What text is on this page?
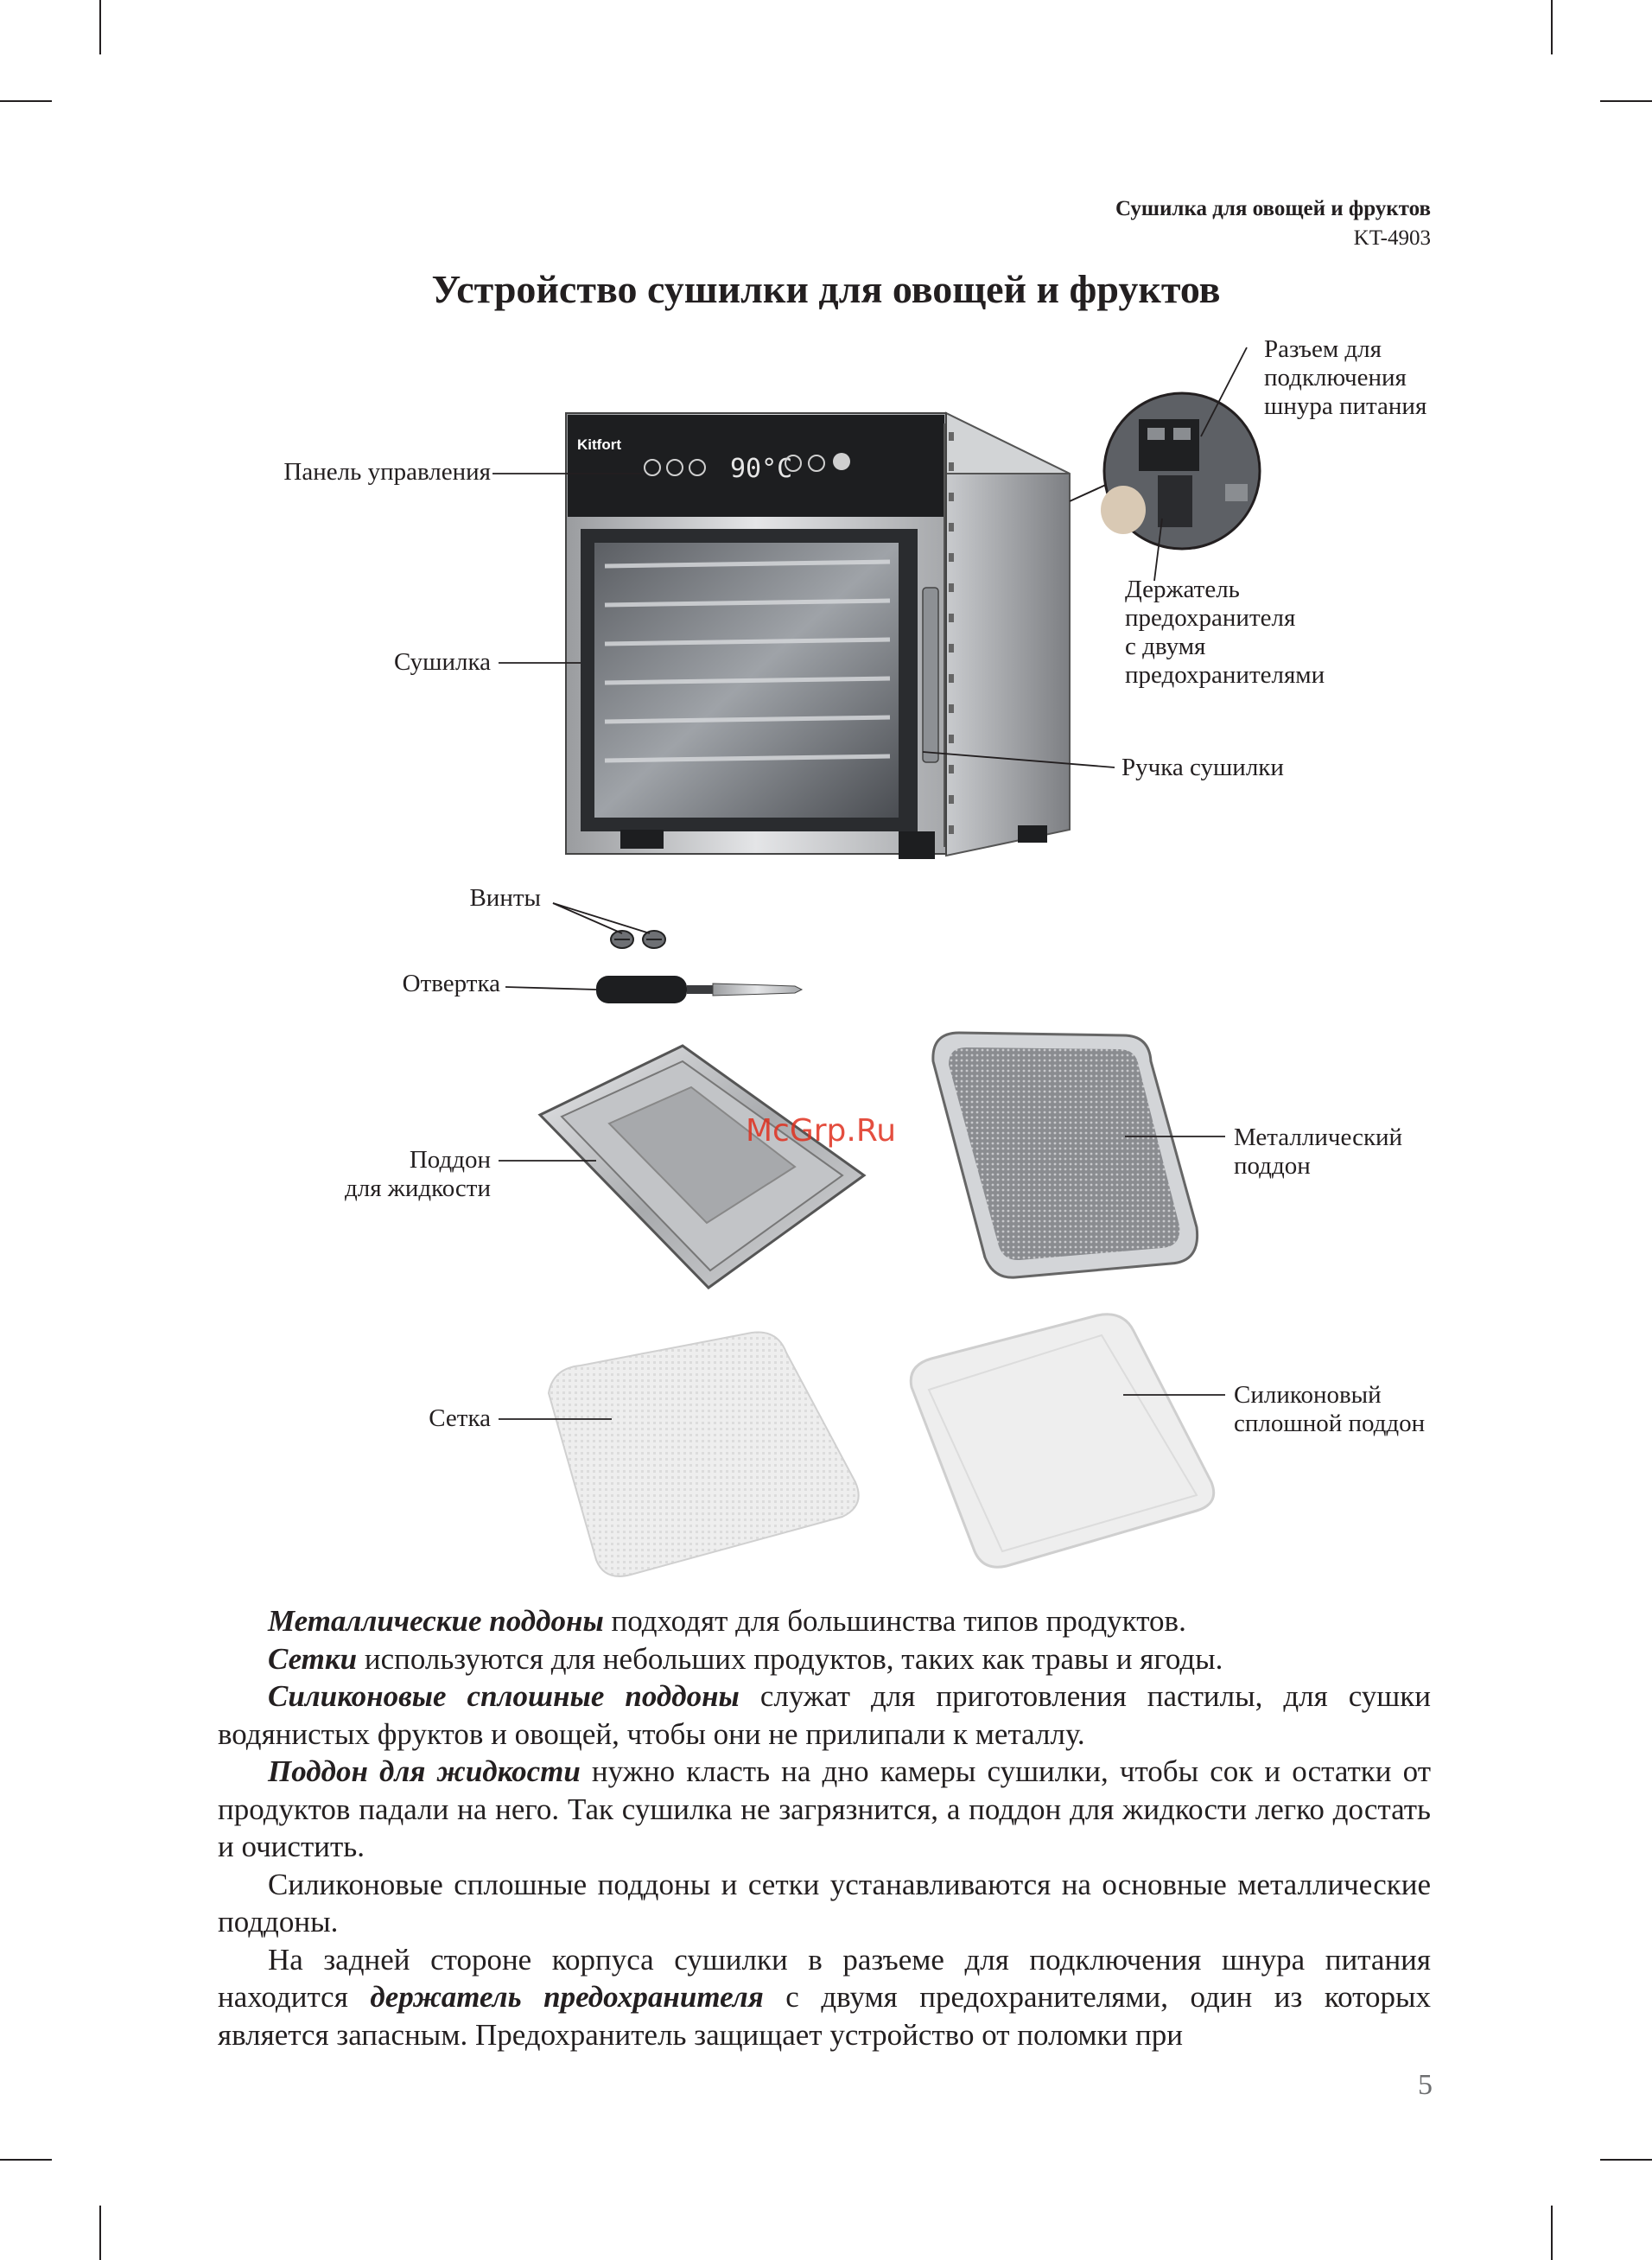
Сушилка для овощей и фруктов
KT-4903
Устройство сушилки для овощей и фруктов
Kitfort
90°C
Панель управления
Сушилка
Разъем для
подключения
шнура питания
Держатель
предохранителя
с двумя
предохранителями
Ручка сушилки
Винты
Отвертка
Поддон
для жидкости
Металлический
поддон
Сетка
Силиконовый
сплошной поддон
McGrp.Ru

Металлические поддоны подходят для большинства типов продуктов.

Сетки используются для небольших продуктов, таких как травы и ягоды.

Силиконовые сплошные поддоны служат для приготовления пастилы, для сушки водянистых фруктов и овощей, чтобы они не прилипали к металлу.

Поддон для жидкости нужно класть на дно камеры сушилки, чтобы сок и остатки от продуктов падали на него. Так сушилка не загрязнится, а поддон для жидкости легко достать и очистить.

Силиконовые сплошные поддоны и сетки устанавливаются на основные металлические поддоны.

На задней стороне корпуса сушилки в разъеме для подключения шнура питания находится держатель предохранителя с двумя предохранителями, один из которых является запасным. Предохранитель защищает устройство от поломки при

5
